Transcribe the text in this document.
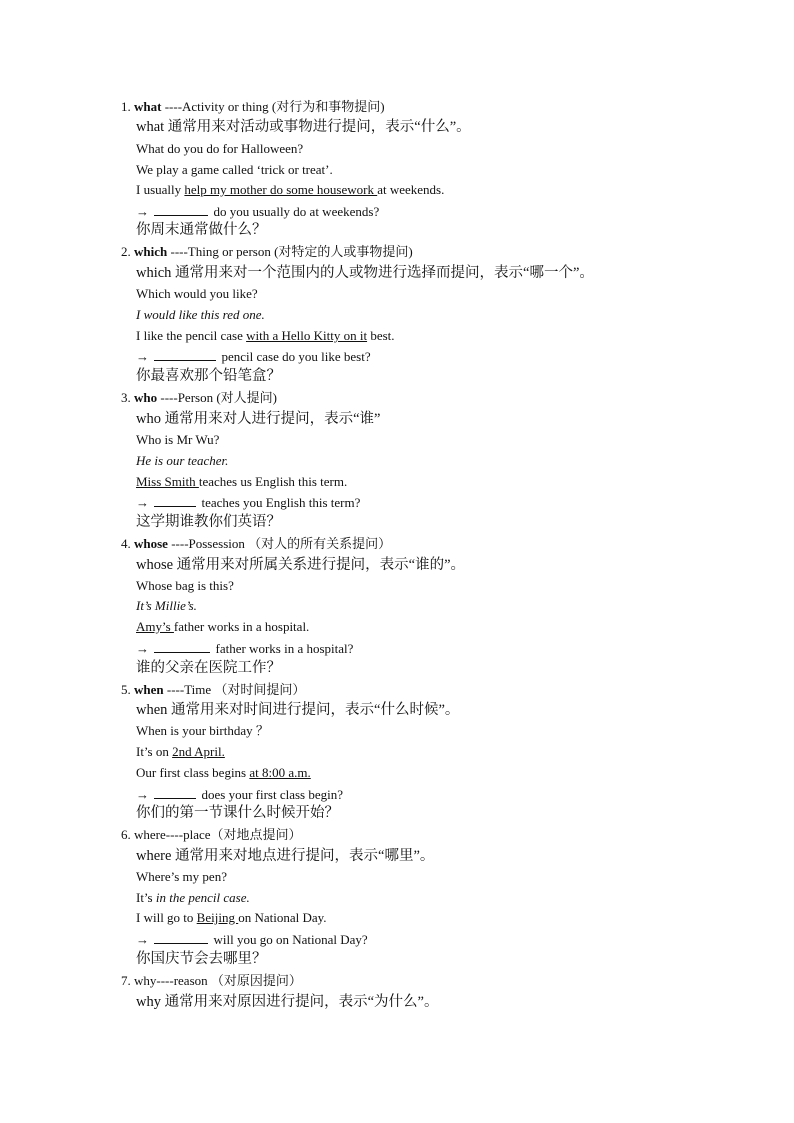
1. what ----Activity or thing (对行为和事物提问)
what 通常用来对活动或事物进行提问，表示“什么”。
What do you do for Halloween?
We play a game called ‘trick or treat’.
I usually help my mother do some housework at weekends.
→	do you usually do at weekends?
你周末通常做什么？
2. which ----Thing or person (对特定的人或事物提问)
which 通常用来对一个范围内的人或物进行选择而提问，表示“哪一个”。
Which would you like?
I would like this red one.
I like the pencil case with a Hello Kitty on it best.
→	pencil case do you like best?
你最喜欢那个铅笔盒？
3. who ----Person (对人提问)
who 通常用来对人进行提问，表示“谁”
Who is Mr Wu?
He is our teacher.
Miss Smith teaches us English this term.
→	teaches you English this term?
这学期谁教你们英语？
4. whose ----Possession （对人的所有关系提问）
whose 通常用来对所属关系进行提问，表示“谁的”。
Whose bag is this?
It’s Millie’s.
Amy’s father works in a hospital.
→	father works in a hospital?
谁的父亲在医院工作？
5. when ----Time （对时间提问）
when 通常用来对时间进行提问，表示“什么时候”。
When is your birthday ？
It’s on 2nd April.
Our first class begins at 8:00 a.m.
→	does your first class begin?
你们的第一节课什么时候开始？
6. where----place（对地点提问）
where 通常用来对地点进行提问，表示“哪里”。
Where’s my pen?
It’s in the pencil case.
I will go to Beijing on National Day.
→	will you go on National Day?
你国庆节会去哪里？
7. why----reason （对原因提问）
why 通常用来对原因进行提问，表示“为什么”。
